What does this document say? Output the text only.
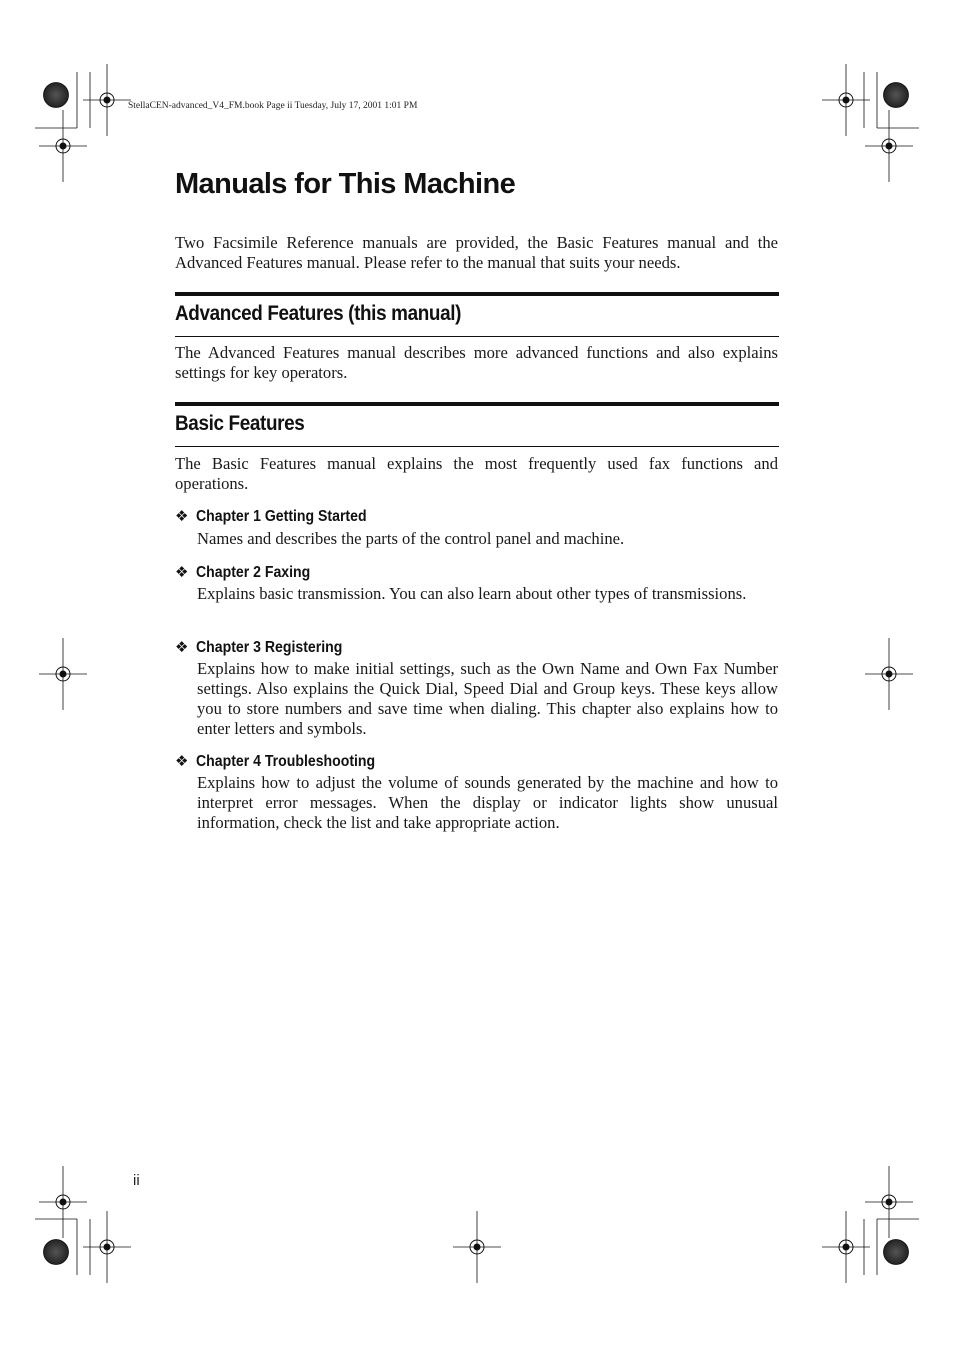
StellaCEN-advanced_V4_FM.book Page ii Tuesday, July 17, 2001 1:01 PM
Manuals for This Machine

Two Facsimile Reference manuals are provided, the Basic Features manual and the Advanced Features manual. Please refer to the manual that suits your needs.

Advanced Features (this manual)

The Advanced Features manual describes more advanced functions and also explains settings for key operators.

Basic Features

The Basic Features manual explains the most frequently used fax functions and operations.

❖ Chapter 1 Getting Started

Names and describes the parts of the control panel and machine.

❖ Chapter 2 Faxing

Explains basic transmission. You can also learn about other types of transmissions.

❖ Chapter 3 Registering

Explains how to make initial settings, such as the Own Name and Own Fax Number settings. Also explains the Quick Dial, Speed Dial and Group keys. These keys allow you to store numbers and save time when dialing. This chapter also explains how to enter letters and symbols.

❖ Chapter 4 Troubleshooting

Explains how to adjust the volume of sounds generated by the machine and how to interpret error messages. When the display or indicator lights show unusual information, check the list and take appropriate action.

ii
